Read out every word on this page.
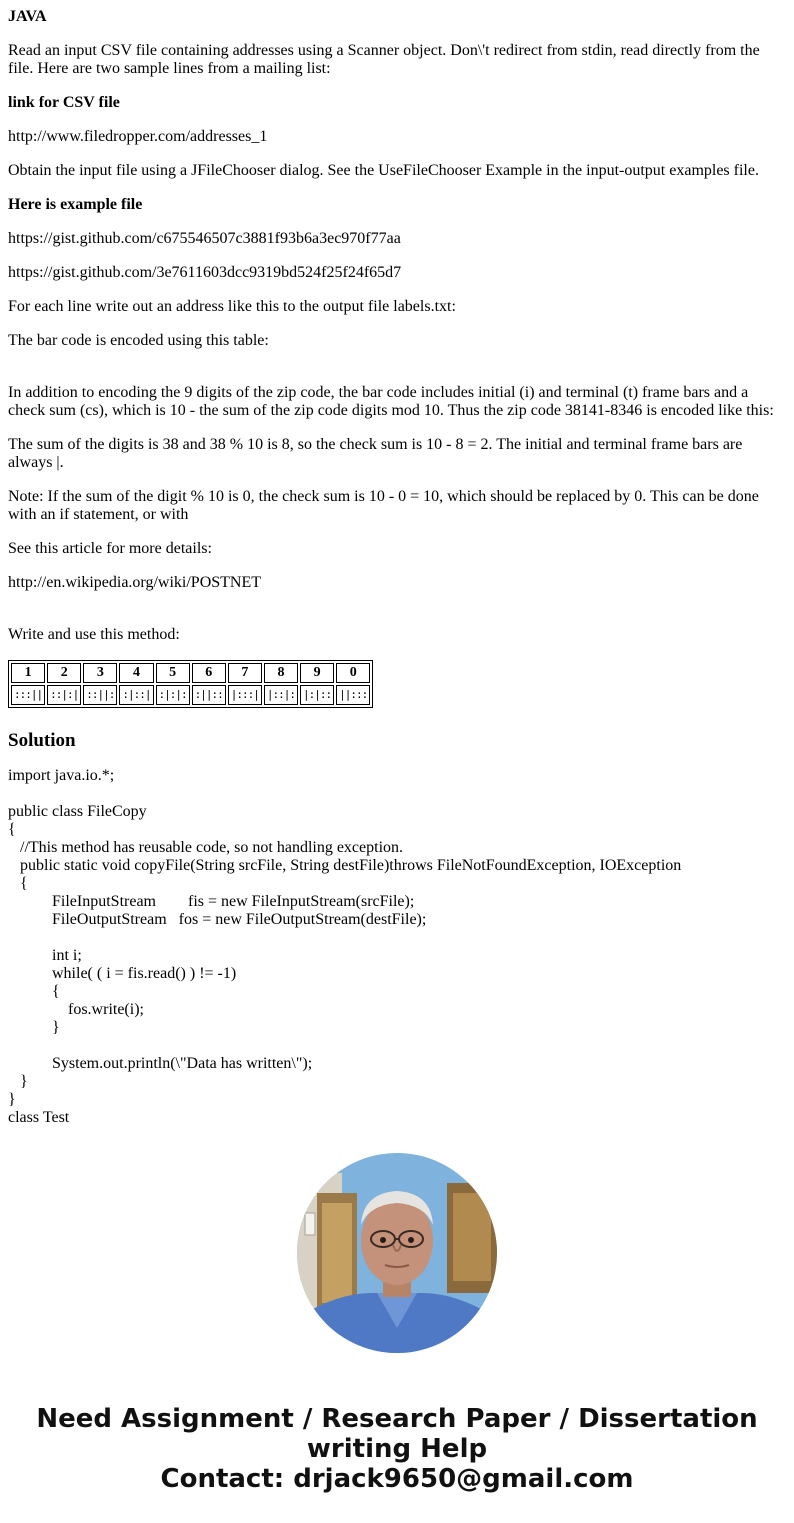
JAVA

Read an input CSV file containing addresses using a Scanner object. Don\'t redirect from stdin, read directly from the file. Here are two sample lines from a mailing list:

link for CSV file

http://www.filedropper.com/addresses_1

Obtain the input file using a JFileChooser dialog. See the UseFileChooser Example in the input-output examples file.

Here is example file

https://gist.github.com/c675546507c3881f93b6a3ec970f77aa

https://gist.github.com/3e7611603dcc9319bd524f25f24f65d7

For each line write out an address like this to the output file labels.txt:

The bar code is encoded using this table:

In addition to encoding the 9 digits of the zip code, the bar code includes initial (i) and terminal (t) frame bars and a check sum (cs), which is 10 - the sum of the zip code digits mod 10. Thus the zip code 38141-8346 is encoded like this:

The sum of the digits is 38 and 38 % 10 is 8, so the check sum is 10 - 8 = 2. The initial and terminal frame bars are always |.

Note: If the sum of the digit % 10 is 0, the check sum is 10 - 0 = 10, which should be replaced by 0. This can be done with an if statement, or with

See this article for more details:

http://en.wikipedia.org/wiki/POSTNET

Write and use this method:

1	2	3	4	5	6	7	8	9	0
:::||	::|:|	::||:	:|::|	:|:|:	:||::	|:::|	|::|:	|:|::	||:::
Solution
import java.io.*;
public class FileCopy
{
//This method has reusable code, so not handling exception.
public static void copyFile(String srcFile, String destFile)throws FileNotFoundException, IOException
{
FileInputStream        fis = new FileInputStream(srcFile);
FileOutputStream   fos = new FileOutputStream(destFile);
int i;
while( ( i = fis.read() ) != -1)
{
fos.write(i);
}
System.out.println(\"Data has written\");
}
}
class Test
Need Assignment / Research Paper / Dissertation
writing Help
Contact: drjack9650@gmail.com
